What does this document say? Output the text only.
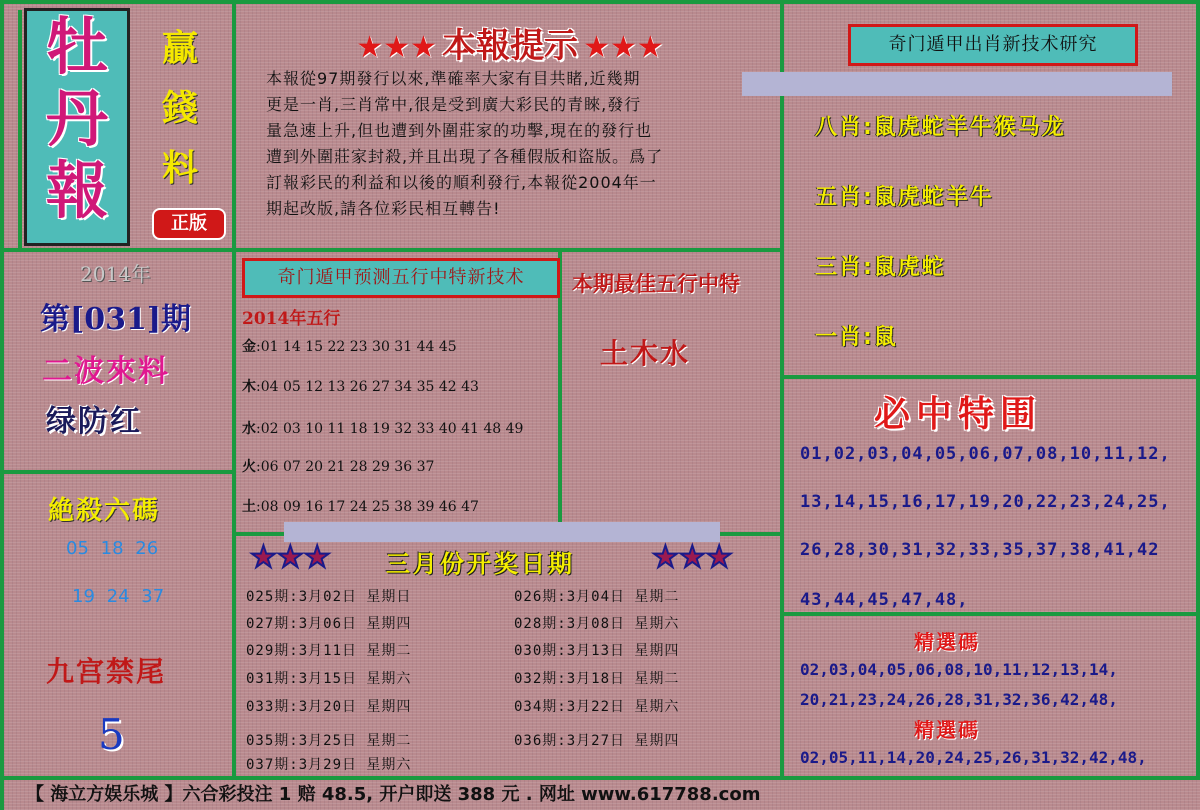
牡
丹
報
贏
錢
料
正版
★★★ 本報提示 ★★★
本報從97期發行以來,準確率大家有目共睹,近幾期
更是一肖,三肖常中,很是受到廣大彩民的青睞,發行
量急速上升,但也遭到外圍莊家的功擊,現在的發行也
遭到外圍莊家封殺,并且出現了各種假版和盜版。爲了
訂報彩民的利益和以後的順利發行,本報從2004年一
期起改版,請各位彩民相互轉告!
2014年
第[031]期
二波來料
绿防红
絶殺六碼
05 18 26
19 24 37
九宫禁尾
5
奇门遁甲预测五行中特新技术
2014年五行
金:01 14 15 22 23 30 31 44 45
木:04 05 12 13 26 27 34 35 42 43
水:02 03 10 11 18 19 32 33 40 41 48 49
火:06 07 20 21 28 29 36 37
土:08 09 16 17 24 25 38 39 46 47
本期最佳五行中特
土木水
★★★ 三月份开奖日期	★★★
025期:3月02日 星期日	026期:3月04日 星期二
027期:3月06日 星期四	028期:3月08日 星期六
029期:3月11日 星期二	030期:3月13日 星期四
031期:3月15日 星期六	032期:3月18日 星期二
033期:3月20日 星期四	034期:3月22日 星期六
035期:3月25日 星期二	036期:3月27日 星期四
037期:3月29日 星期六
奇门遁甲出肖新技术研究
八肖:鼠虎蛇羊牛猴马龙
五肖:鼠虎蛇羊牛
三肖:鼠虎蛇
一肖:鼠
必中特围
01,02,03,04,05,06,07,08,10,11,12,
13,14,15,16,17,19,20,22,23,24,25,
26,28,30,31,32,33,35,37,38,41,42
43,44,45,47,48,
精選碼
02,03,04,05,06,08,10,11,12,13,14,
20,21,23,24,26,28,31,32,36,42,48,
精選碼
02,05,11,14,20,24,25,26,31,32,42,48,
【 海立方娱乐城 】六合彩投注 1 赔 48.5, 开户即送 388 元 . 网址 www.617788.com
